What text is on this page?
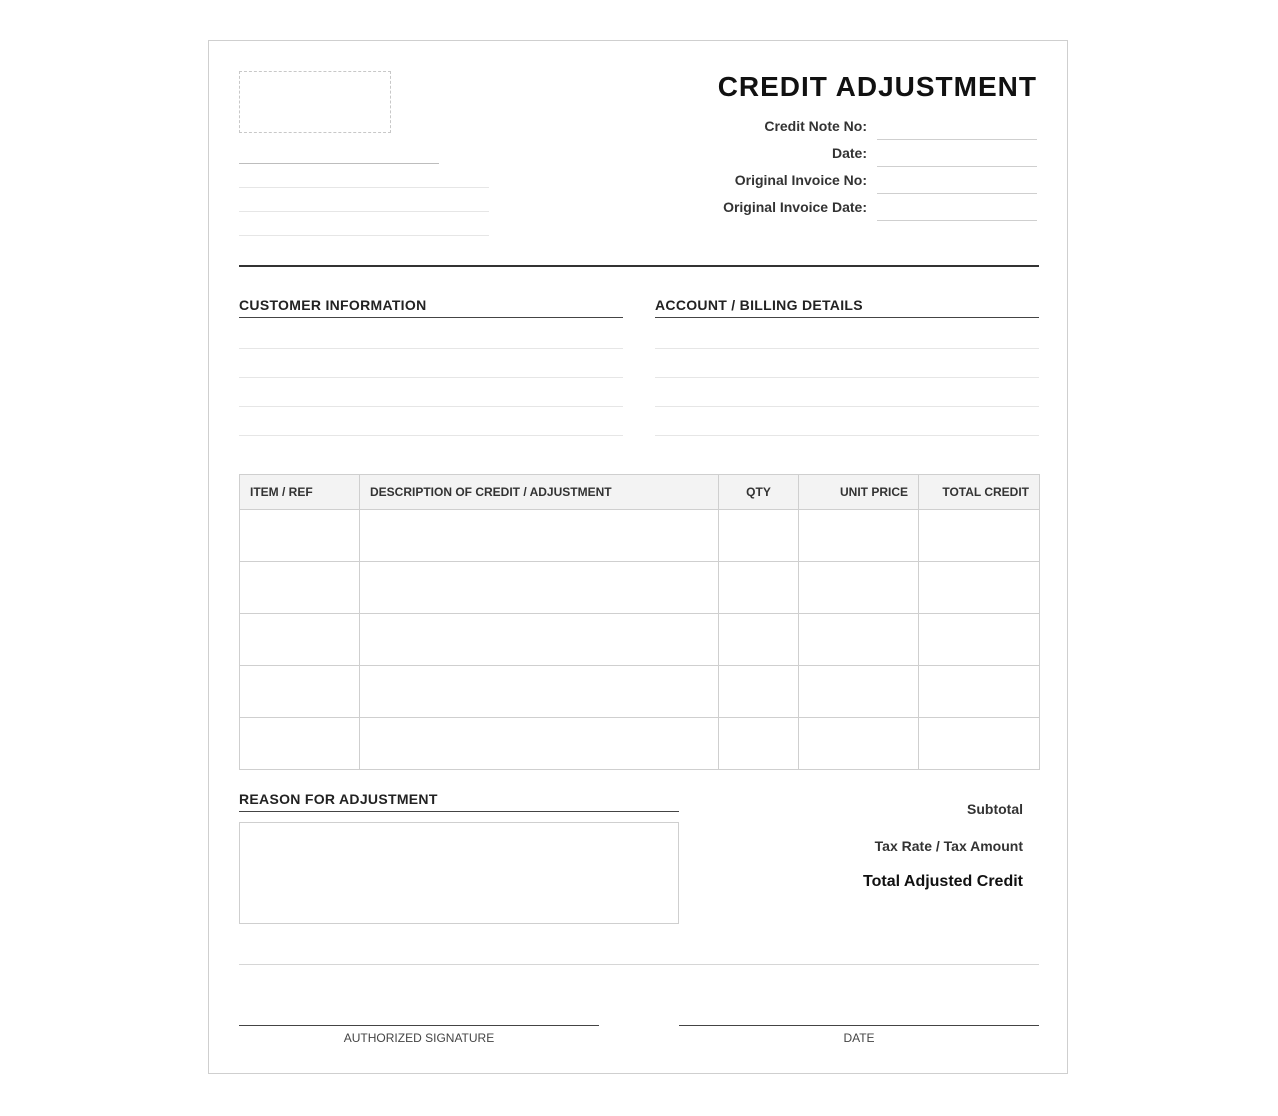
CREDIT ADJUSTMENT
Credit Note No:
Date:
Original Invoice No:
Original Invoice Date:
CUSTOMER INFORMATION	ACCOUNT / BILLING DETAILS
ITEM / REF	DESCRIPTION OF CREDIT / ADJUSTMENT	QTY	UNIT PRICE	TOTAL CREDIT

REASON FOR ADJUSTMENT
Subtotal
Tax Rate / Tax Amount
Total Adjusted Credit
AUTHORIZED SIGNATURE	DATE
